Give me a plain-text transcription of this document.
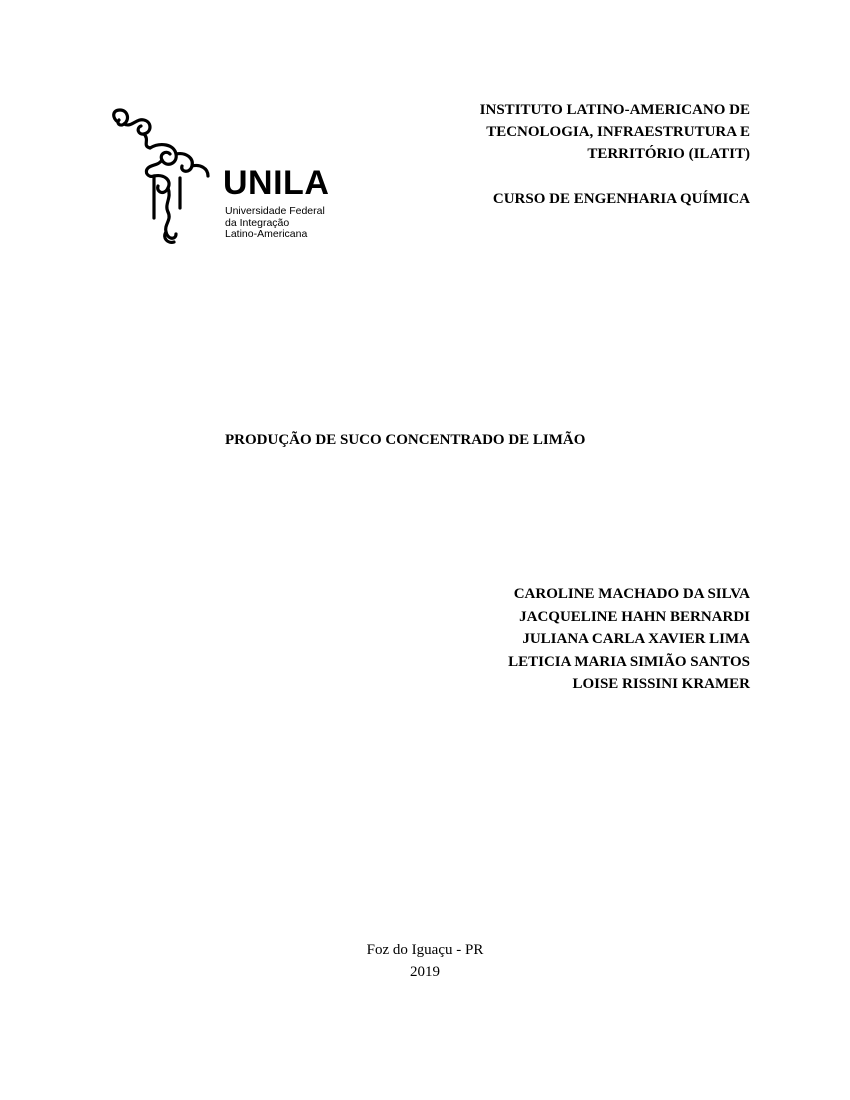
UNILA
Universidade Federal
da Integração
Latino-Americana
INSTITUTO LATINO-AMERICANO DE
TECNOLOGIA, INFRAESTRUTURA E
TERRITÓRIO (ILATIT)
CURSO DE ENGENHARIA QUÍMICA
PRODUÇÃO DE SUCO CONCENTRADO DE LIMÃO
CAROLINE MACHADO DA SILVA
JACQUELINE HAHN BERNARDI
JULIANA CARLA XAVIER LIMA
LETICIA MARIA SIMIÃO SANTOS
LOISE RISSINI KRAMER
Foz do Iguaçu - PR
2019
